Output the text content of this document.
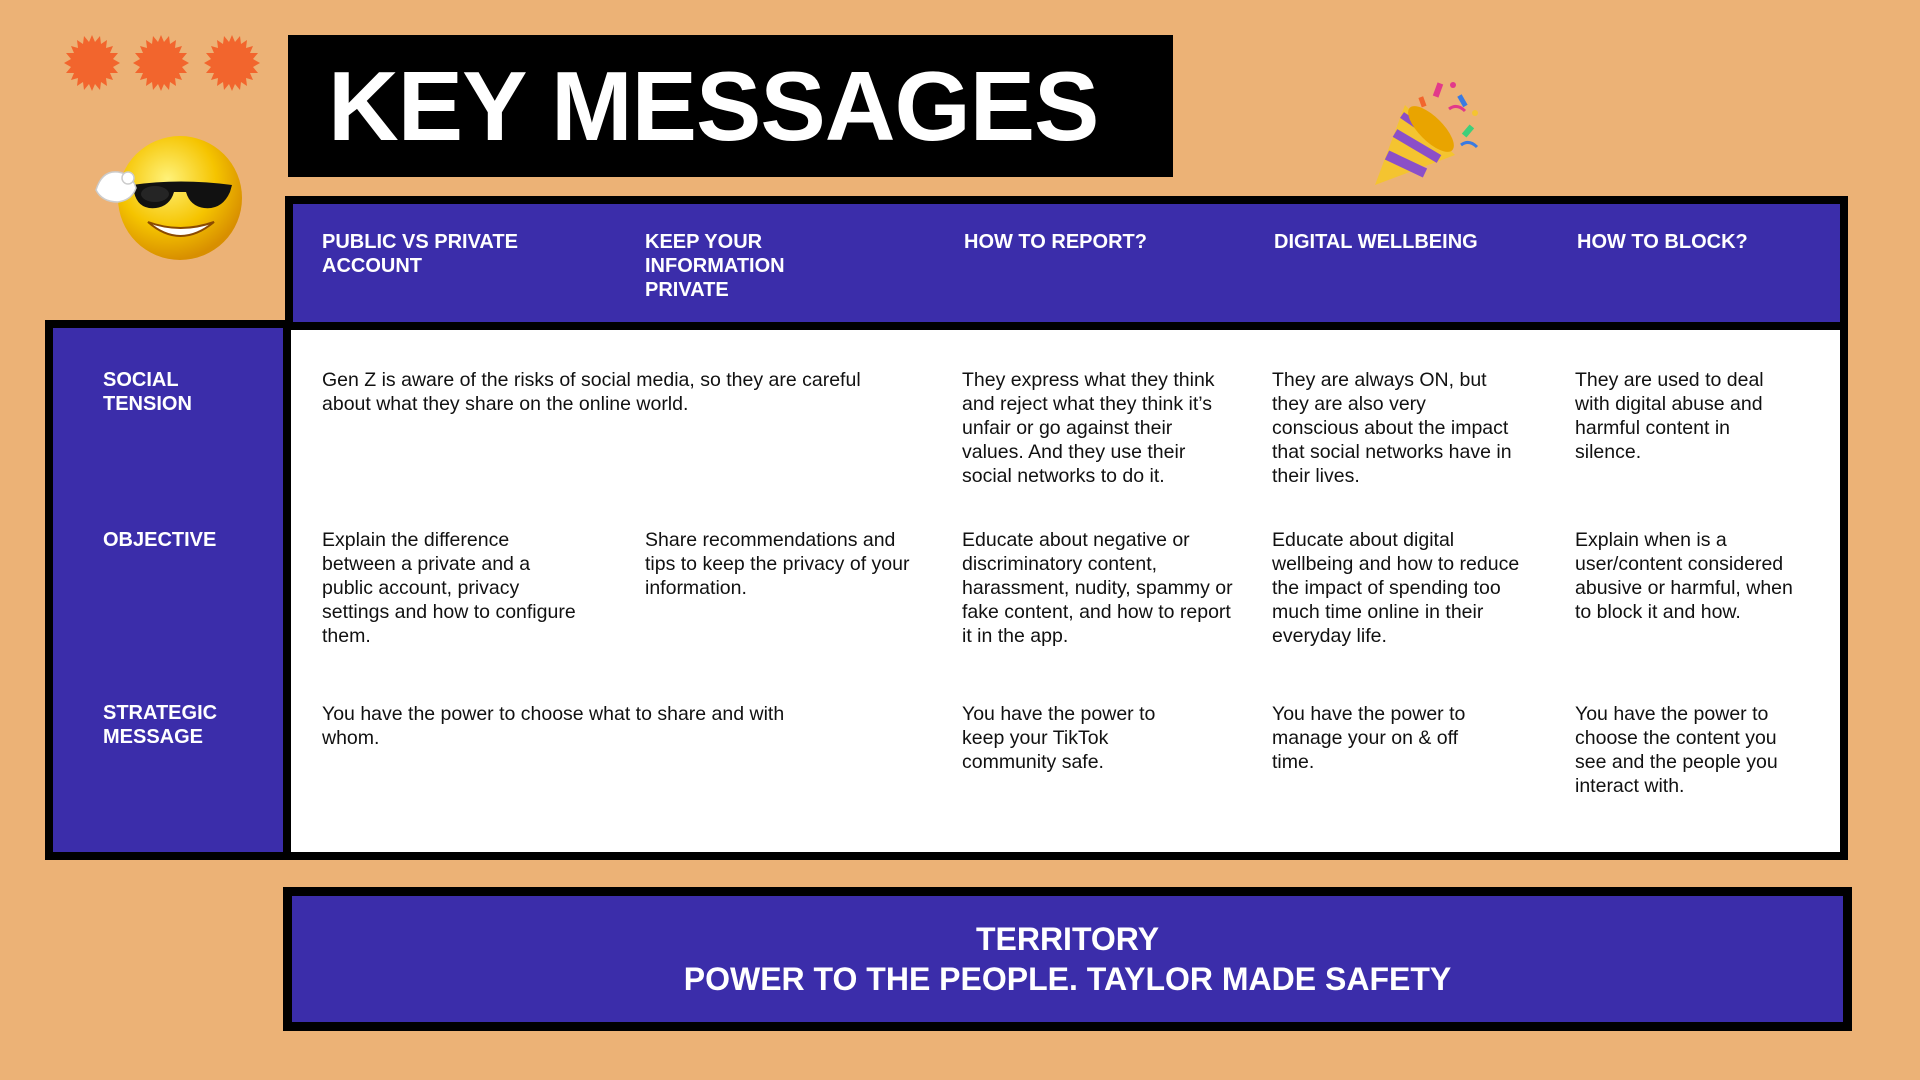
KEY MESSAGES
PUBLIC VS PRIVATE ACCOUNT
KEEP YOUR INFORMATION PRIVATE
HOW TO REPORT?	DIGITAL WELLBEING	HOW TO BLOCK?
SOCIAL TENSION
OBJECTIVE
STRATEGIC MESSAGE
Gen Z is aware of the risks of social media, so they are careful about what they share on the online world.
They express what they think and reject what they think it’s unfair or go against their values. And they use their social networks to do it.
They are always ON, but they are also very conscious about the impact that social networks have in their lives.
They are used to deal with digital abuse and harmful content in silence.
Explain the difference between a private and a public account, privacy settings and how to configure them.
Share recommendations and tips to keep the privacy of your information.
Educate about negative or discriminatory content, harassment, nudity, spammy or fake content, and how to report it in the app.
Educate about digital wellbeing and how to reduce the impact of spending too much time online in their everyday life.
Explain when is a user/content considered abusive or harmful, when to block it and how.
You have the power to choose what to share and with whom.
You have the power to keep your TikTok community safe.
You have the power to manage your on & off time.
You have the power to choose the content you see and the people you interact with.
TERRITORY
POWER TO THE PEOPLE. TAYLOR MADE SAFETY
